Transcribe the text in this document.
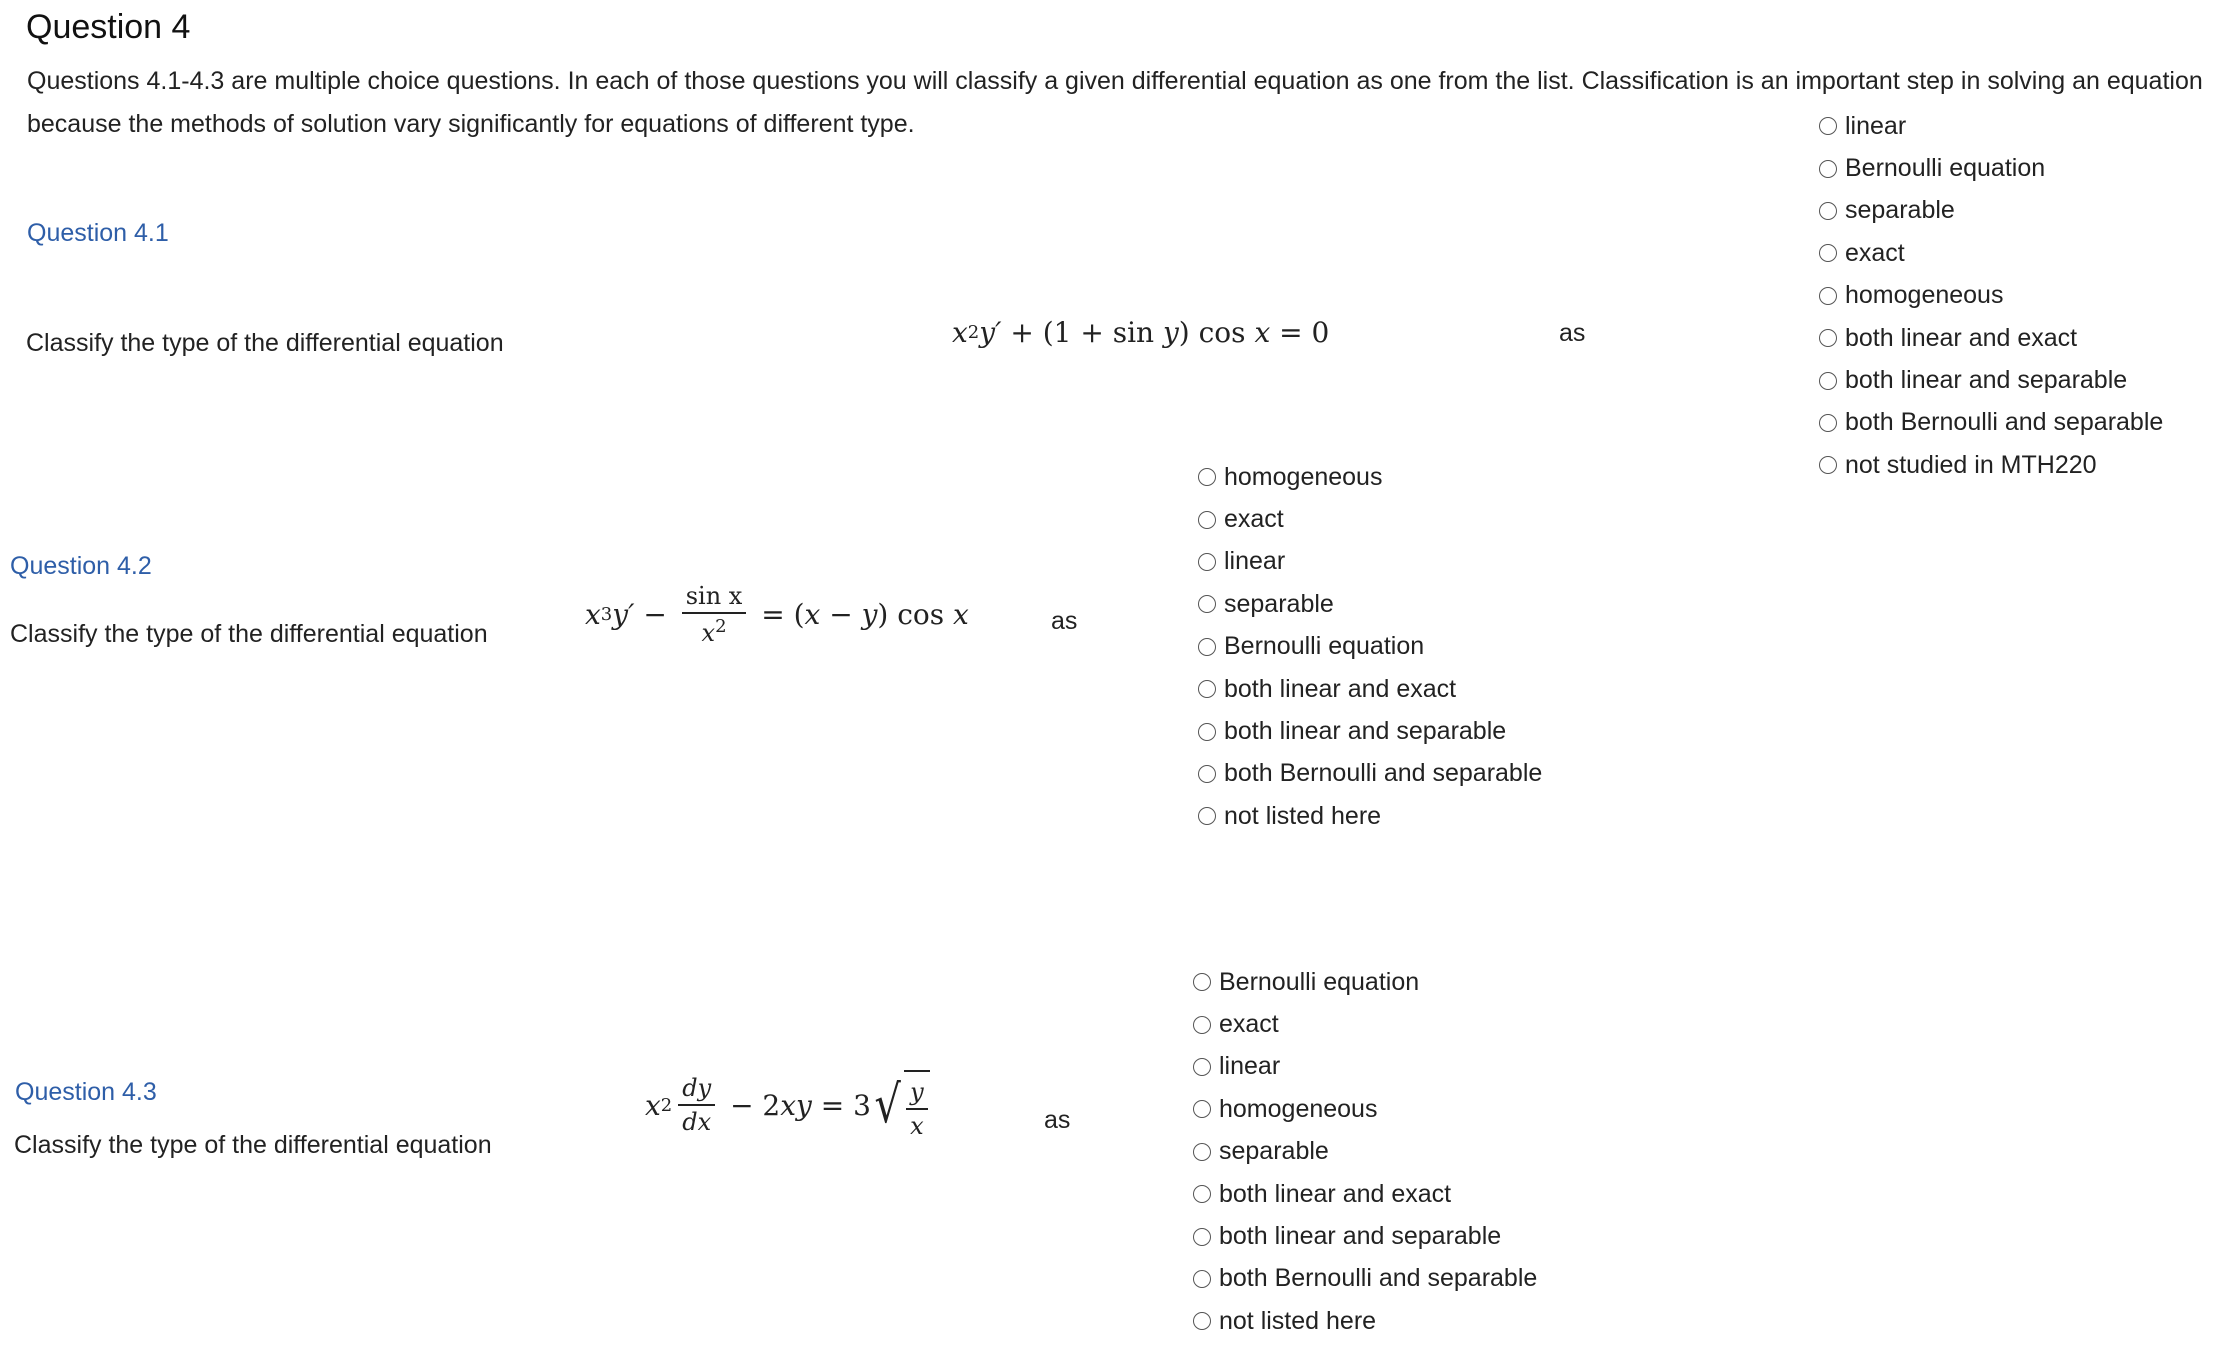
Question 4
Questions 4.1-4.3 are multiple choice questions. In each of those questions you will classify a given differential equation as one from the list. Classification is an important step in solving an equation because the methods of solution vary significantly for equations of different type.
Question 4.1
Classify the type of the differential equation	x 2 y′ + (1 + sin y ) cos x = 0	as
linear
Bernoulli equation
separable
exact
homogeneous
both linear and exact
both linear and separable
both Bernoulli and separable
not studied in MTH220
Question 4.2
Classify the type of the differential equation
x 3 $y' - \frac{\text{sin x}}{x^2}$ = ( x − y ) cos x	as
homogeneous
exact
linear
separable
Bernoulli equation
both linear and exact
both linear and separable
both Bernoulli and separable
not listed here
Question 4.3
Classify the type of the differential equation
x $2 \frac{dy}{dx} - 2$ xy = 3 √ $\frac{y}{x}$	as
Bernoulli equation
exact
linear
homogeneous
separable
both linear and exact
both linear and separable
both Bernoulli and separable
not listed here
